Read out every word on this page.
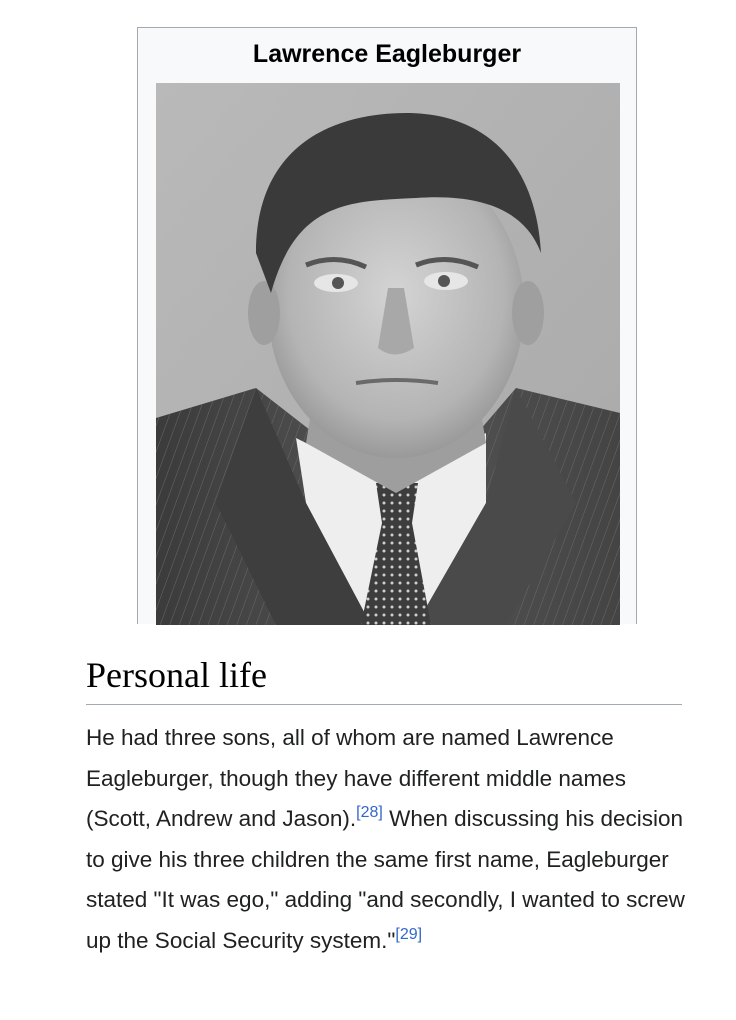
Lawrence Eagleburger
Personal life

He had three sons, all of whom are named Lawrence Eagleburger, though they have different middle names (Scott, Andrew and Jason).[28] When discussing his decision to give his three children the same first name, Eagleburger stated "It was ego," adding "and secondly, I wanted to screw up the Social Security system."[29]
